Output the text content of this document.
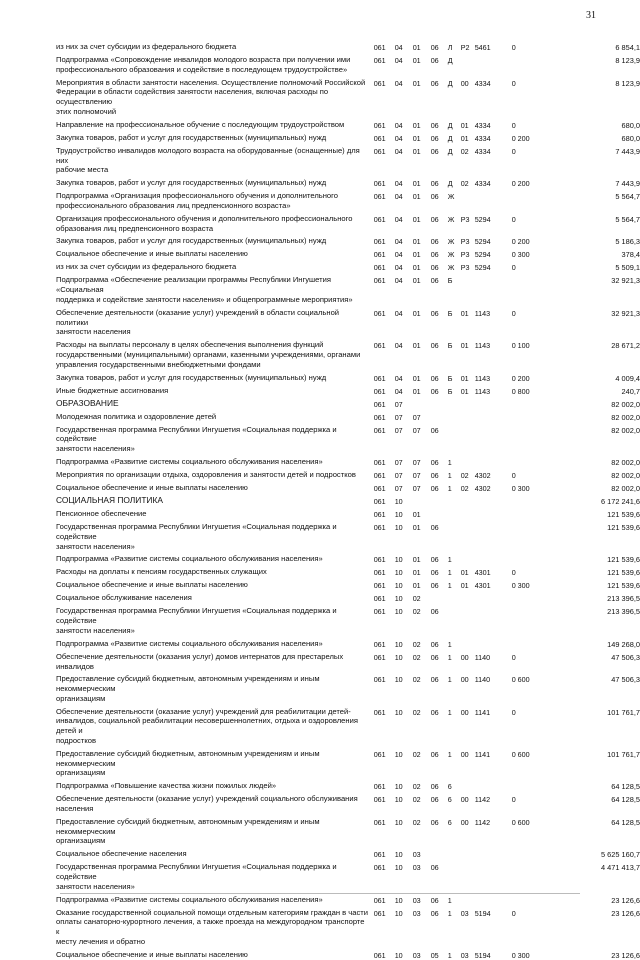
31
из них за счет субсидии из федерального бюджета	061 04 01 06 Л Р2 5461	0	6 854,1
Подпрограмма «Сопровождение инвалидов молодого возраста при получении ими
профессионального образования и содействие в последующем трудоустройстве»
061 04 01 06 Д	8 123,9
Мероприятия в области занятости населения. Осуществление полномочий Российской
Федерации в области содействия занятости населения, включая расходы по осуществлению
этих полномочий
061 04 01 06 Д 00 4334	0	8 123,9
Направление на профессиональное обучение с последующим трудоустройством	061 04 01 06 Д 01 4334	0	680,0
Закупка товаров, работ и услуг для государственных (муниципальных) нужд	061 04 01 06 Д 01 4334	0 200	680,0
Трудоустройство инвалидов молодого возраста на оборудованные (оснащенные) для них
рабочие места
061 04 01 06 Д 02 4334	0	7 443,9
Закупка товаров, работ и услуг для государственных (муниципальных) нужд	061 04 01 06 Д 02 4334	0 200	7 443,9
Подпрограмма «Организация профессионального обучения и дополнительного
профессионального образования лиц предпенсионного возраста»
061 04 01 06 Ж	5 564,7
Организация профессионального обучения и дополнительного профессионального
образования лиц предпенсионного возраста
061 04 01 06 Ж Р3 5294	0	5 564,7
Закупка товаров, работ и услуг для государственных (муниципальных) нужд	061 04 01 06 Ж Р3 5294	0 200	5 186,3
Социальное обеспечение и иные выплаты населению	061 04 01 06 Ж Р3 5294	0 300	378,4
из них за счет субсидии из федерального бюджета	061 04 01 06 Ж Р3 5294	0	5 509,1
Подпрограмма «Обеспечение реализации программы Республики Ингушетия «Социальная
поддержка и содействие занятости населения» и общепрограммные мероприятия»
061 04 01 06 Б	32 921,3
Обеспечение деятельности (оказание услуг) учреждений в области социальной политики
занятости населения
061 04 01 06 Б 01 1143	0	32 921,3
Расходы на выплаты персоналу в целях обеспечения выполнения функций
государственными (муниципальными) органами, казенными учреждениями, органами
управления государственными внебюджетными фондами
061 04 01 06 Б 01 1143	0 100	28 671,2
Закупка товаров, работ и услуг для государственных (муниципальных) нужд	061 04 01 06 Б 01 1143	0 200	4 009,4
Иные бюджетные ассигнования	061 04 01 06 Б 01 1143	0 800	240,7
ОБРАЗОВАНИЕ	061 07	82 002,0
Молодежная политика и оздоровление детей	061 07 07	82 002,0
Государственная программа Республики Ингушетия «Социальная поддержка и содействие
занятости населения»
061 07 07 06	82 002,0
Подпрограмма «Развитие системы социального обслуживания населения»	061 07 07 06 1	82 002,0
Мероприятия по организации отдыха, оздоровления и занятости детей и подростков	061 07 07 06 1 02 4302	0	82 002,0
Социальное обеспечение и иные выплаты населению	061 07 07 06 1 02 4302	0 300	82 002,0
СОЦИАЛЬНАЯ ПОЛИТИКА	061 10	6 172 241,6
Пенсионное обеспечение	061 10 01	121 539,6
Государственная программа Республики Ингушетия «Социальная поддержка и содействие
занятости населения»
061 10 01 06	121 539,6
Подпрограмма «Развитие системы социального обслуживания населения»	061 10 01 06 1	121 539,6
Расходы на доплаты к пенсиям государственных служащих	061 10 01 06 1 01 4301	0	121 539,6
Социальное обеспечение и иные выплаты населению	061 10 01 06 1 01 4301	0 300	121 539,6
Социальное обслуживание населения	061 10 02	213 396,5
Государственная программа Республики Ингушетия «Социальная поддержка и содействие
занятости населения»
061 10 02 06	213 396,5
Подпрограмма «Развитие системы социального обслуживания населения»	061 10 02 06 1	149 268,0
Обеспечение деятельности (оказания услуг) домов интернатов для престарелых инвалидов
061 10 02 06 1 00 1140	0	47 506,3
Предоставление субсидий бюджетным, автономным учреждениям и иным некоммерческим
организациям
061 10 02 06 1 00 1140	0 600	47 506,3
Обеспечение деятельности (оказание услуг) учреждений для реабилитации детей-
инвалидов, социальной реабилитации несовершеннолетних, отдыха и оздоровления детей и
подростков
061 10 02 06 1 00 1141	0	101 761,7
Предоставление субсидий бюджетным, автономным учреждениям и иным некоммерческим
организациям
061 10 02 06 1 00 1141	0 600	101 761,7
Подпрограмма «Повышение качества жизни пожилых людей»	061 10 02 06 6	64 128,5
Обеспечение деятельности (оказание услуг) учреждений социального обслуживания
населения
061 10 02 06 6 00 1142	0	64 128,5
Предоставление субсидий бюджетным, автономным учреждениям и иным некоммерческим
организациям
061 10 02 06 6 00 1142	0 600	64 128,5
Социальное обеспечение населения	061 10 03	5 625 160,7
Государственная программа Республики Ингушетия «Социальная поддержка и содействие
занятости населения»
061 10 03 06	4 471 413,7
Подпрограмма «Развитие системы социального обслуживания населения»	061 10 03 06 1	23 126,6
Оказание государственной социальной помощи отдельным категориям граждан в части
оплаты санаторно-курортного лечения, а также проезда на междугородном транспорте к
месту лечения и обратно
061 10 03 06 1 03 5194	0	23 126,6
Социальное обеспечение и иные выплаты населению	061 10 03 05 1 03 5194	0 300	23 126,6
